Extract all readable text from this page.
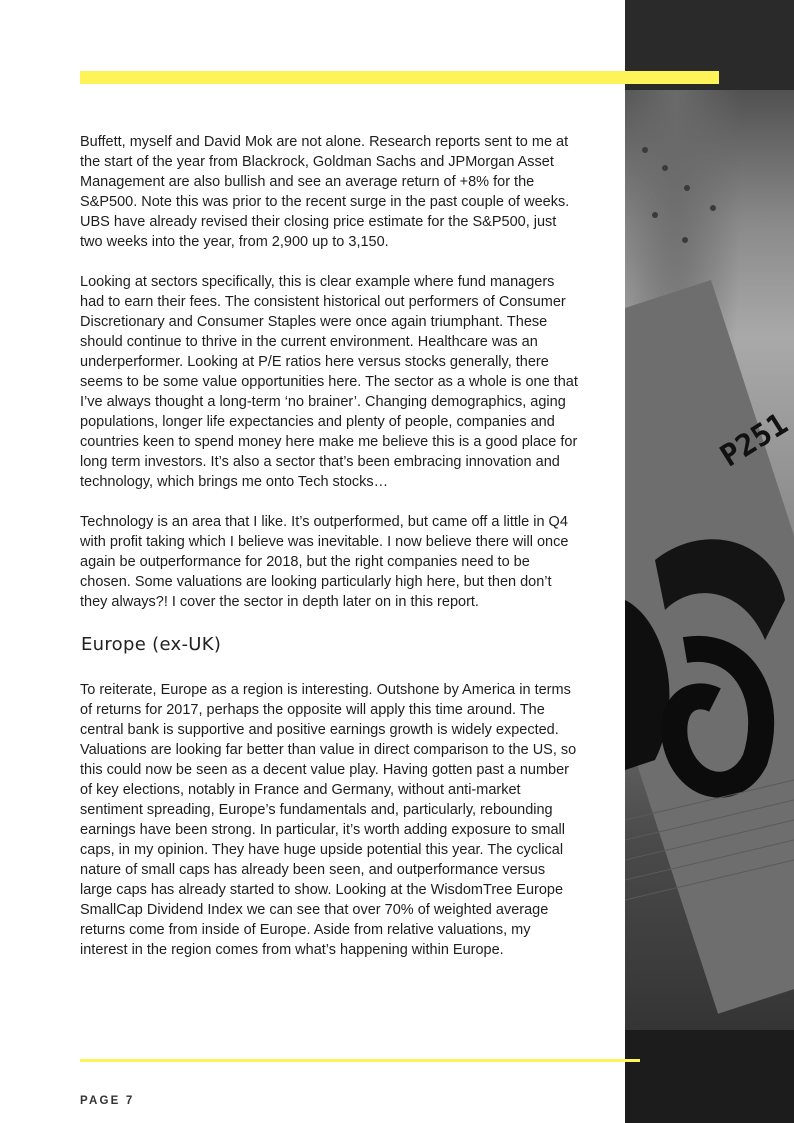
P251

Buffett, myself and David Mok are not alone. Research reports sent to me at the start of the year from Blackrock, Goldman Sachs and JPMorgan Asset Management are also bullish and see an average return of +8% for the S&P500. Note this was prior to the recent surge in the past couple of weeks. UBS have already revised their closing price estimate for the S&P500, just two weeks into the year, from 2,900 up to 3,150.

Looking at sectors specifically, this is clear example where fund managers had to earn their fees. The consistent historical out performers of Consumer Discretionary and Consumer Staples were once again triumphant. These should continue to thrive in the current environment. Healthcare was an underperformer. Looking at P/E ratios here versus stocks generally, there seems to be some value opportunities here. The sector as a whole is one that I’ve always thought a long-term ‘no brainer’. Changing demographics, aging populations, longer life expectancies and plenty of people, companies and countries keen to spend money here make me believe this is a good place for long term investors. It’s also a sector that’s been embracing innovation and technology, which brings me onto Tech stocks…

Technology is an area that I like. It’s outperformed, but came off a little in Q4 with profit taking which I believe was inevitable. I now believe there will once again be outperformance for 2018, but the right companies need to be chosen. Some valuations are looking particularly high here, but then don’t they always?! I cover the sector in depth later on in this report.

Europe (ex-UK)

To reiterate, Europe as a region is interesting. Outshone by America in terms of returns for 2017, perhaps the opposite will apply this time around. The central bank is supportive and positive earnings growth is widely expected. Valuations are looking far better than value in direct comparison to the US, so this could now be seen as a decent value play. Having gotten past a number of key elections, notably in France and Germany, without anti-market sentiment spreading, Europe’s fundamentals and, particularly, rebounding earnings have been strong. In particular, it’s worth adding exposure to small caps, in my opinion. They have huge upside potential this year. The cyclical nature of small caps has already been seen, and outperformance versus large caps has already started to show. Looking at the WisdomTree Europe SmallCap Dividend Index we can see that over 70% of weighted average returns come from inside of Europe. Aside from relative valuations, my interest in the region comes from what’s happening within Europe.

PAGE 7
